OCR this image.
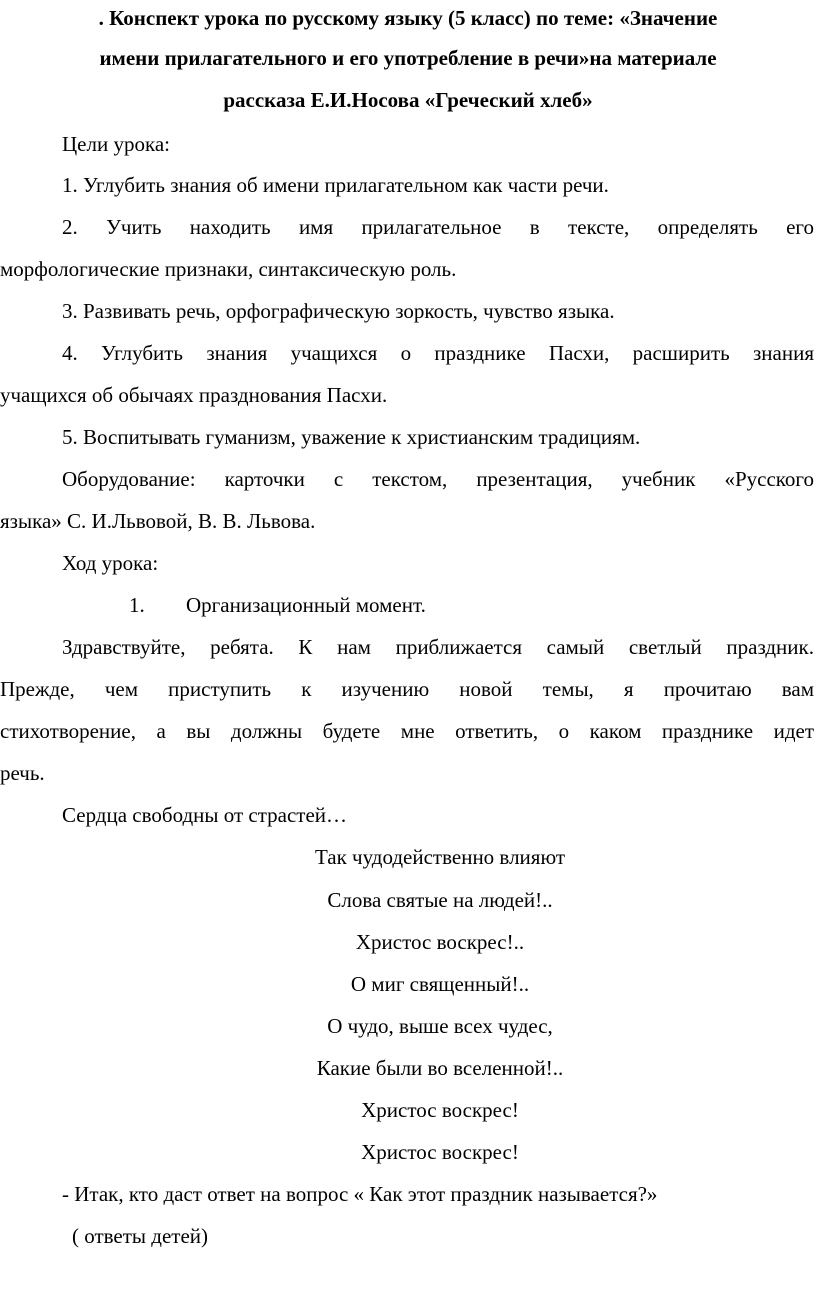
. Конспект урока по русскому языку (5 класс) по теме: «Значение
имени прилагательного и его употребление в речи»на материале
рассказа Е.И.Носова «Греческий хлеб»
Цели урока:
1. Углубить знания об имени прилагательном как части речи.
2. Учить находить имя прилагательное в тексте, определять его
морфологические признаки, синтаксическую роль.
3. Развивать речь, орфографическую зоркость, чувство языка.
4. Углубить знания учащихся о празднике Пасхи, расширить знания
учащихся об обычаях празднования Пасхи.
5. Воспитывать гуманизм, уважение к христианским традициям.
Оборудование: карточки с текстом, презентация, учебник «Русского
языка» С. И.Львовой, В. В. Львова.
Ход урока:
1. Организационный момент.
Здравствуйте, ребята. К нам приближается самый светлый праздник.
Прежде, чем приступить к изучению новой темы, я прочитаю вам
стихотворение, а вы должны будете мне ответить, о каком празднике идет
речь.
Сердца свободны от страстей…
Так чудодейственно влияют
Слова святые на людей!..
Христос воскрес!..
О миг священный!..
О чудо, выше всех чудес,
Какие были во вселенной!..
Христос воскрес!
Христос воскрес!
- Итак, кто даст ответ на вопрос « Как этот праздник называется?»
( ответы детей)
